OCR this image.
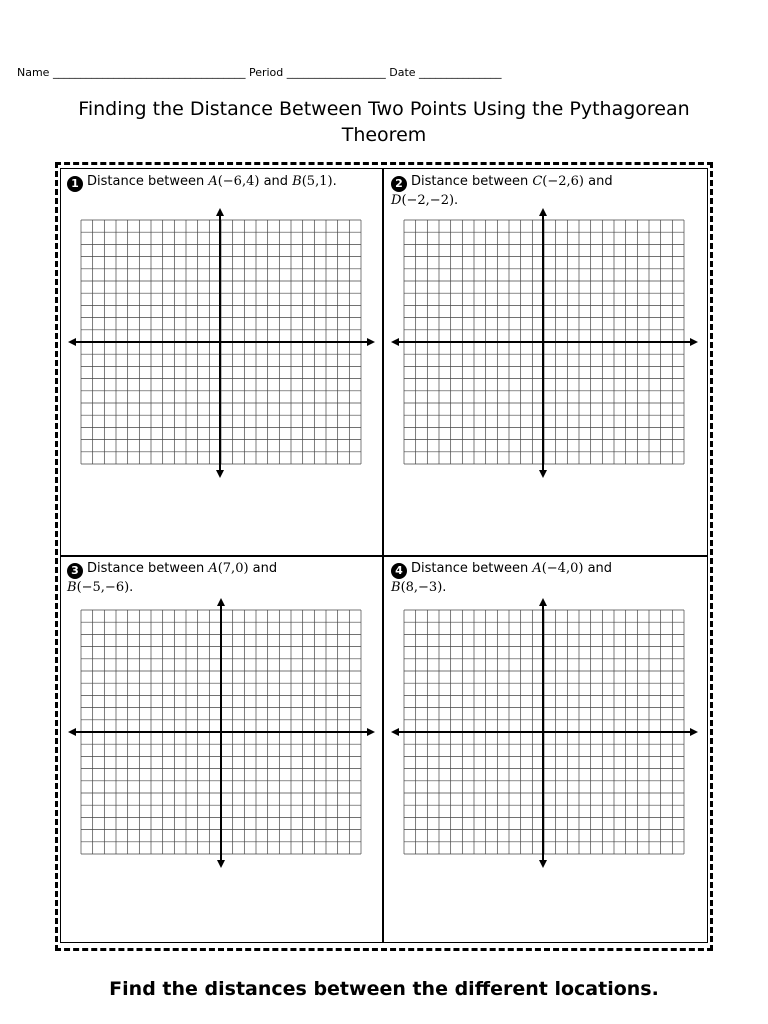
Name ___________________________________ Period __________________ Date _______________
Finding the Distance Between Two Points Using the Pythagorean Theorem
1 Distance between A(−6,4) and B(5,1).	2 Distance between C(−2,6) and
D(−2,−2).
3 Distance between A(7,0) and
B(−5,−6).
4 Distance between A(−4,0) and
B(8,−3).
Find the distances between the different locations.
